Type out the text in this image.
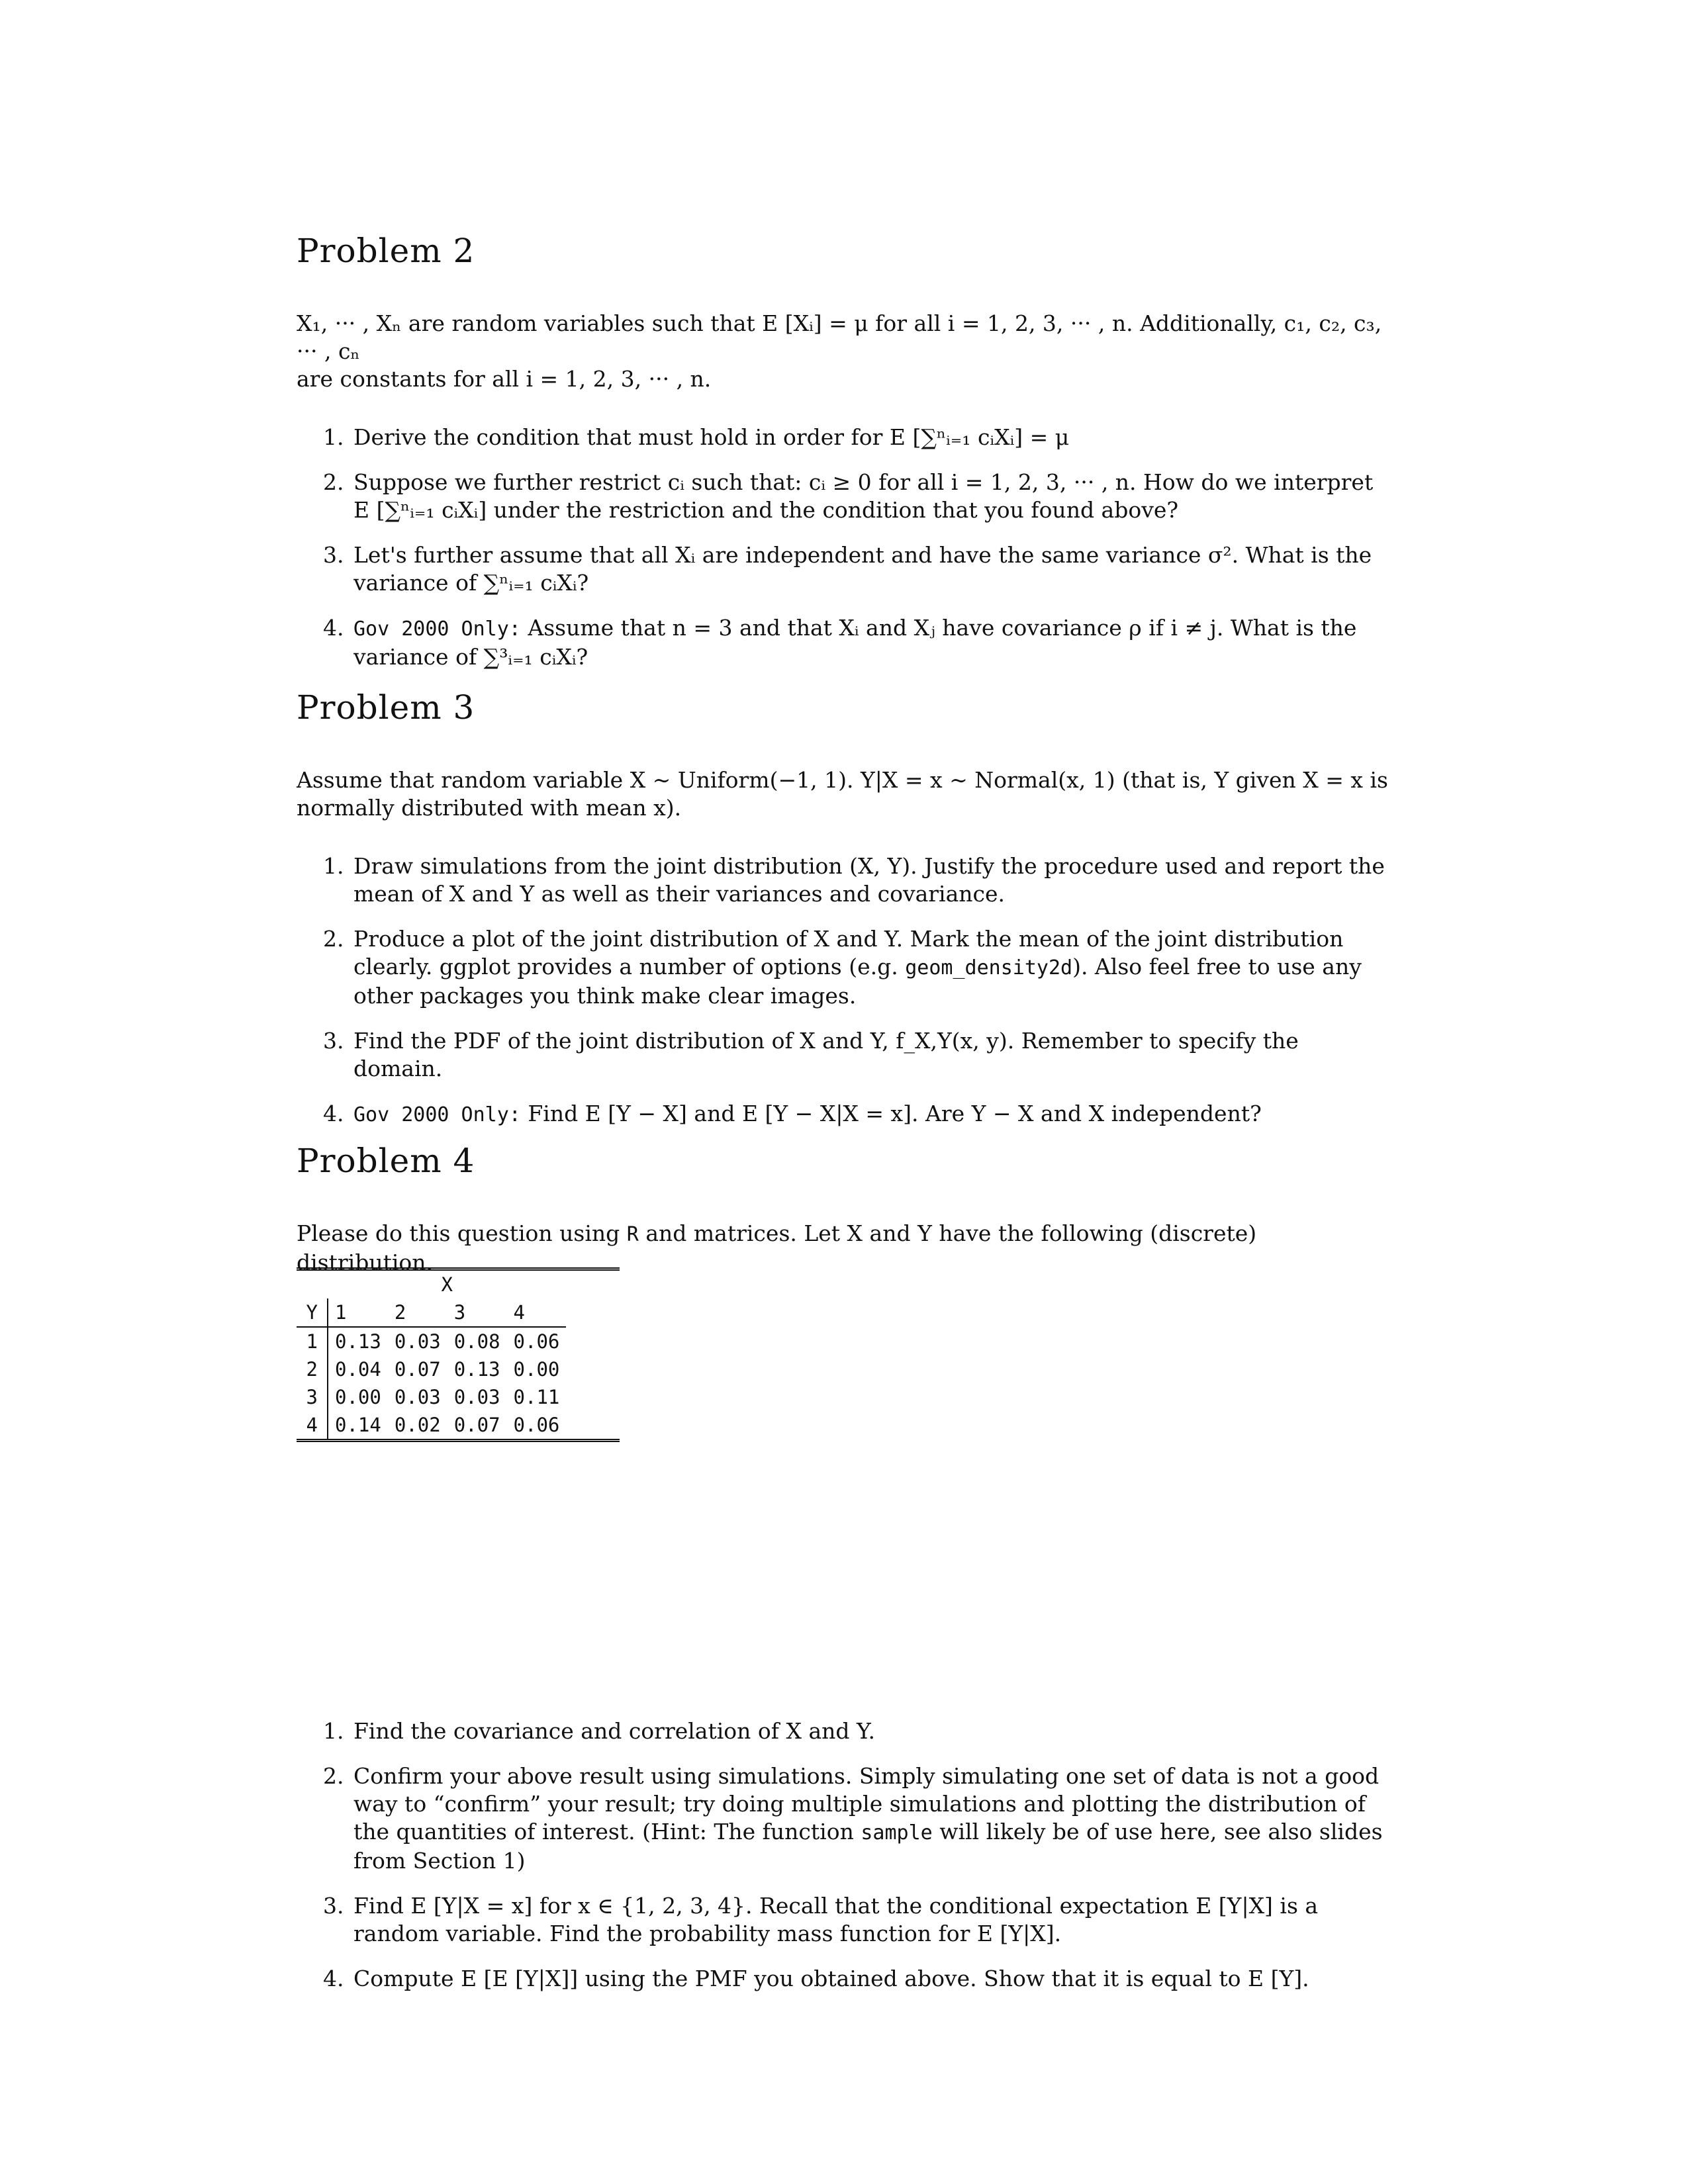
Problem 2
X₁, ··· , Xₙ are random variables such that E [Xᵢ] = μ for all i = 1, 2, 3, ··· , n. Additionally, c₁, c₂, c₃, ··· , cₙ
are constants for all i = 1, 2, 3, ··· , n.
1. Derive the condition that must hold in order for E [∑ⁿᵢ₌₁ cᵢXᵢ] = μ
2. Suppose we further restrict cᵢ such that: cᵢ ≥ 0 for all i = 1, 2, 3, ··· , n. How do we interpret E [∑ⁿᵢ₌₁ cᵢXᵢ] under the restriction and the condition that you found above?
3. Let's further assume that all Xᵢ are independent and have the same variance σ². What is the variance of ∑ⁿᵢ₌₁ cᵢXᵢ?
4. Gov 2000 Only: Assume that n = 3 and that Xᵢ and Xⱼ have covariance ρ if i ≠ j. What is the variance of ∑³ᵢ₌₁ cᵢXᵢ?
Problem 3
Assume that random variable X ∼ Uniform(−1, 1). Y|X = x ∼ Normal(x, 1) (that is, Y given X = x is normally distributed with mean x).
1. Draw simulations from the joint distribution (X, Y). Justify the procedure used and report the mean of X and Y as well as their variances and covariance.
2. Produce a plot of the joint distribution of X and Y. Mark the mean of the joint distribution clearly. ggplot provides a number of options (e.g. geom_density2d). Also feel free to use any other packages you think make clear images.
3. Find the PDF of the joint distribution of X and Y, f_X,Y(x, y). Remember to specify the domain.
4. Gov 2000 Only: Find E [Y − X] and E [Y − X|X = x]. Are Y − X and X independent?
Problem 4
Please do this question using R and matrices. Let X and Y have the following (discrete) distribution.
	X			
Y	1	2	3	4
1	0.13	0.03	0.08	0.06
2	0.04	0.07	0.13	0.00
3	0.00	0.03	0.03	0.11
4	0.14	0.02	0.07	0.06
1. Find the covariance and correlation of X and Y.
2. Confirm your above result using simulations. Simply simulating one set of data is not a good way to “confirm” your result; try doing multiple simulations and plotting the distribution of the quantities of interest. (Hint: The function sample will likely be of use here, see also slides from Section 1)
3. Find E [Y|X = x] for x ∈ {1, 2, 3, 4}. Recall that the conditional expectation E [Y|X] is a random variable. Find the probability mass function for E [Y|X].
4. Compute E [E [Y|X]] using the PMF you obtained above. Show that it is equal to E [Y].
